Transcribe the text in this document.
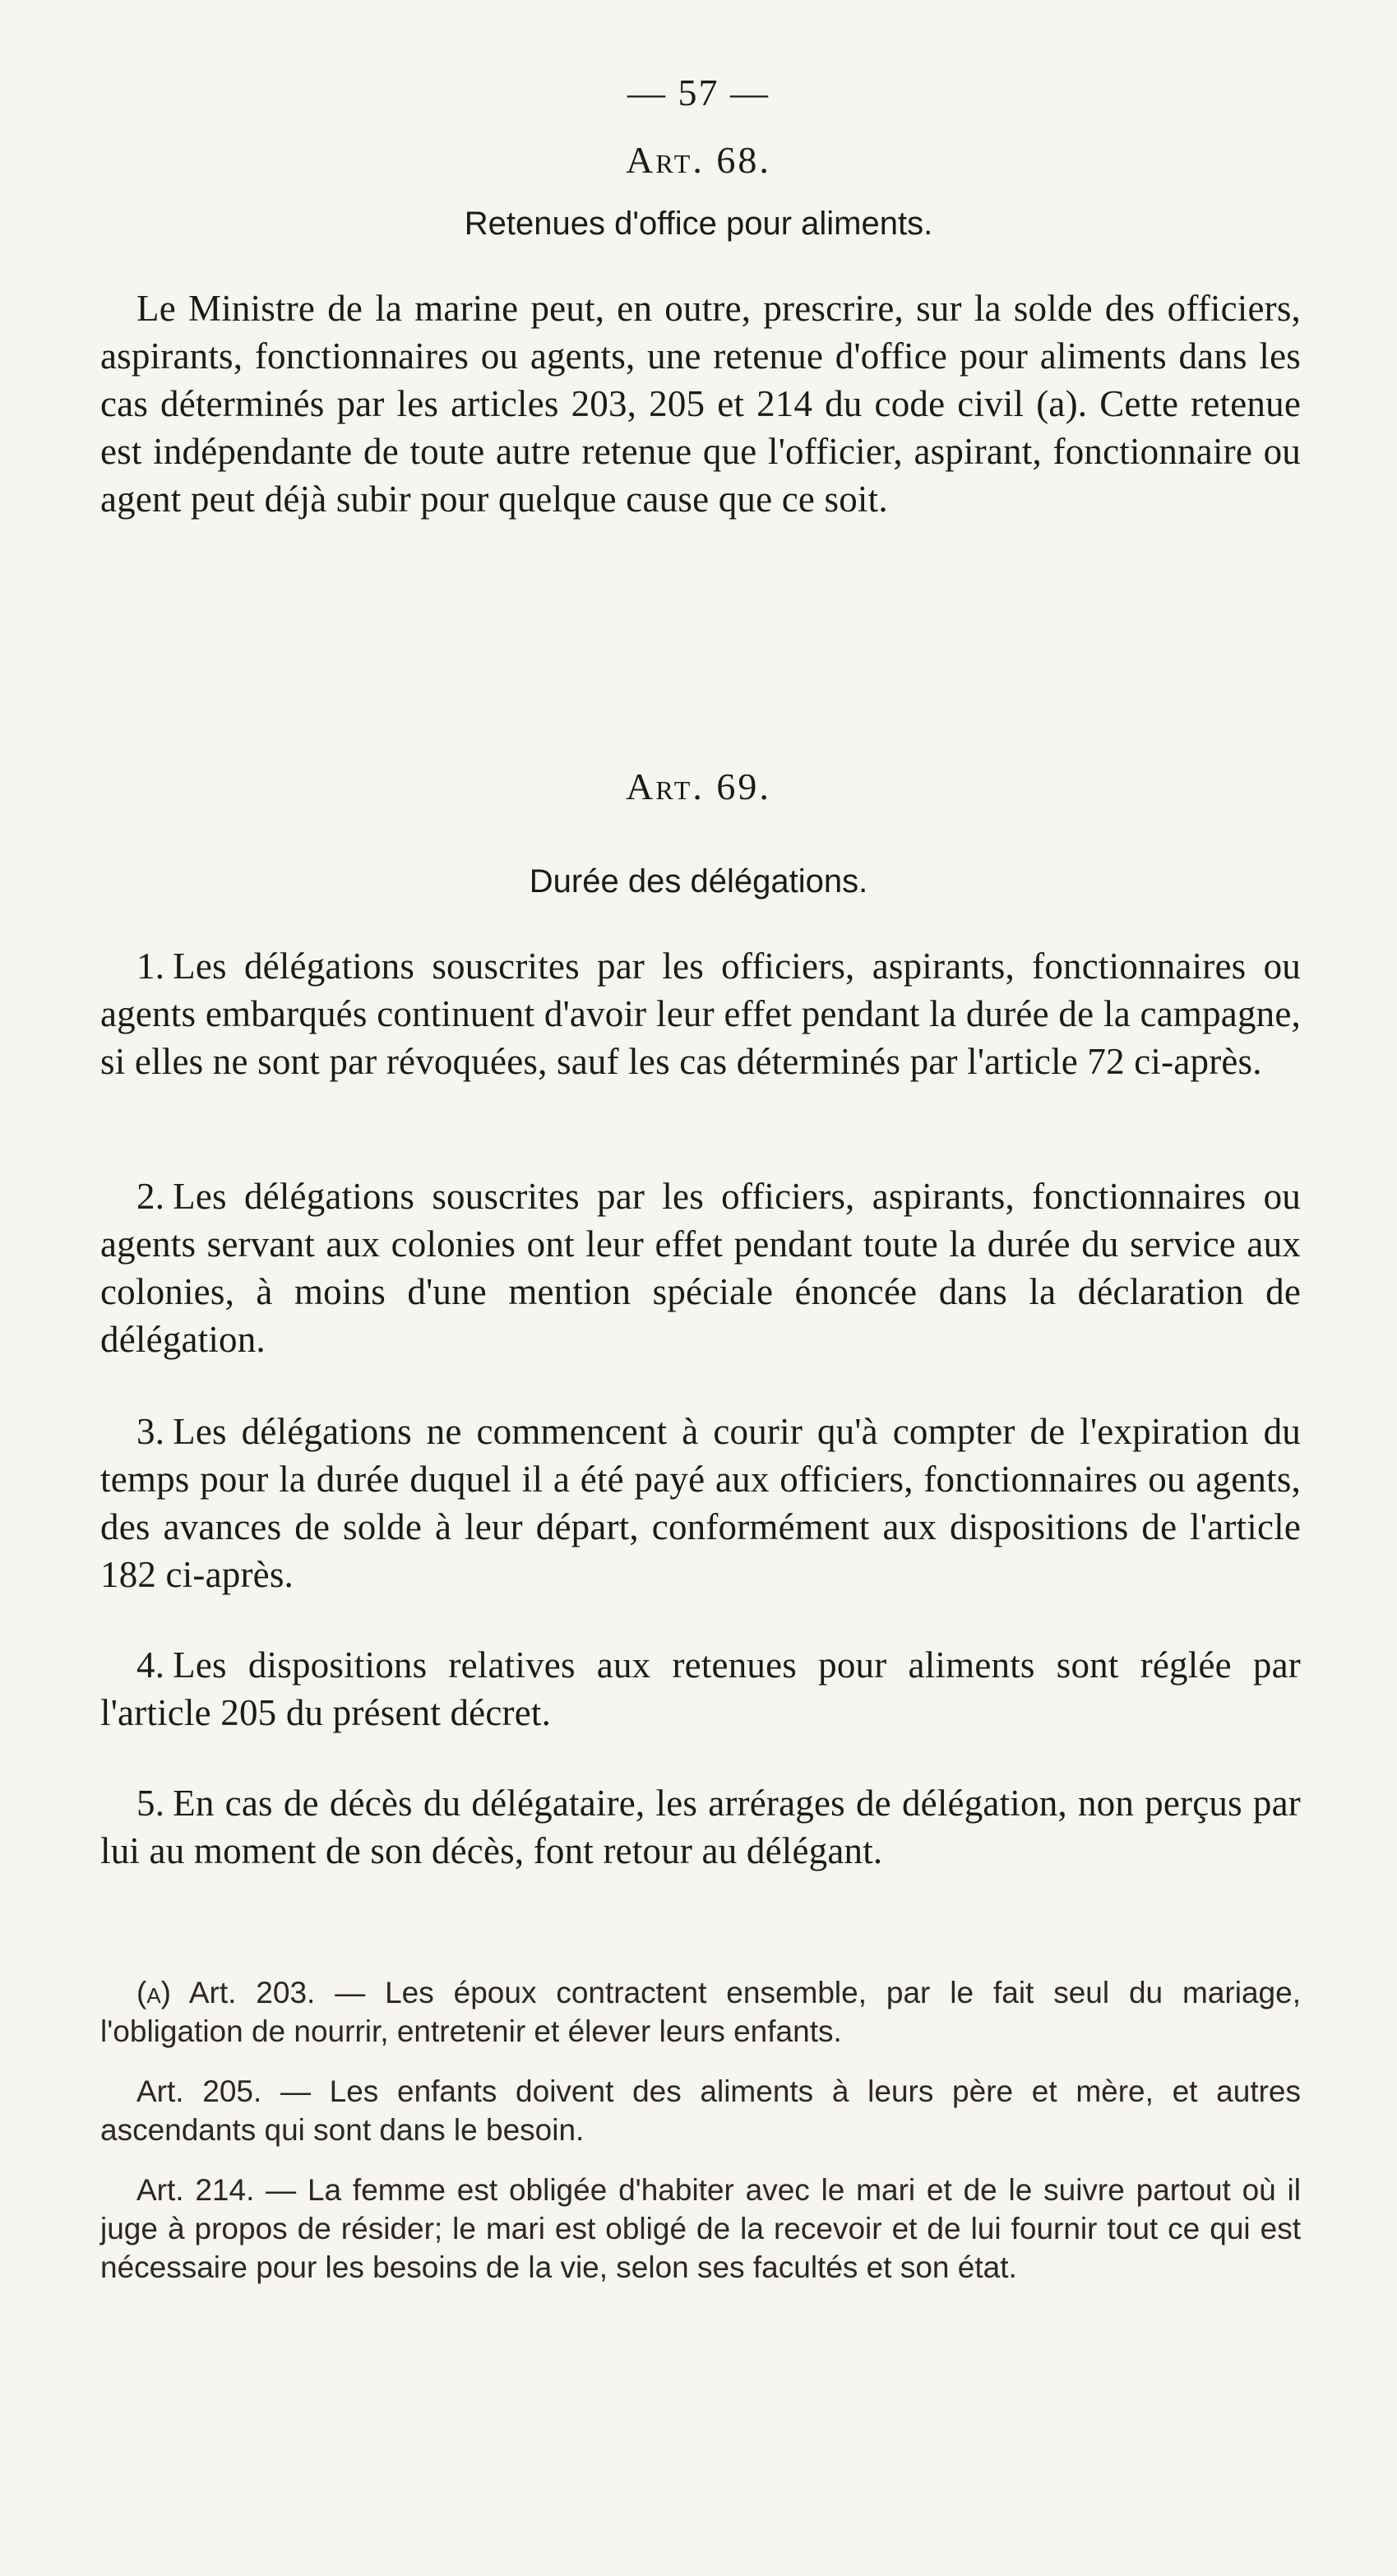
— 57 —
Art. 68.
Retenues d'office pour aliments.

Le Ministre de la marine peut, en outre, prescrire, sur la solde des officiers, aspirants, fonctionnaires ou agents, une retenue d'office pour aliments dans les cas déterminés par les articles 203, 205 et 214 du code civil (a). Cette retenue est indépendante de toute autre retenue que l'officier, aspirant, fonctionnaire ou agent peut déjà subir pour quelque cause que ce soit.

Art. 69.
Durée des délégations.

1. Les délégations souscrites par les officiers, aspirants, fonctionnaires ou agents embarqués continuent d'avoir leur effet pendant la durée de la campagne, si elles ne sont par révoquées, sauf les cas déterminés par l'article 72 ci-après.

2. Les délégations souscrites par les officiers, aspirants, fonctionnaires ou agents servant aux colonies ont leur effet pendant toute la durée du service aux colonies, à moins d'une mention spéciale énoncée dans la déclaration de délégation.

3. Les délégations ne commencent à courir qu'à compter de l'expiration du temps pour la durée duquel il a été payé aux officiers, fonctionnaires ou agents, des avances de solde à leur départ, conformément aux dispositions de l'article 182 ci-après.

4. Les dispositions relatives aux retenues pour aliments sont réglée par l'article 205 du présent décret.

5. En cas de décès du délégataire, les arrérages de délégation, non perçus par lui au moment de son décès, font retour au délégant.

(a) Art. 203. — Les époux contractent ensemble, par le fait seul du mariage, l'obligation de nourrir, entretenir et élever leurs enfants.

Art. 205. — Les enfants doivent des aliments à leurs père et mère, et autres ascendants qui sont dans le besoin.

Art. 214. — La femme est obligée d'habiter avec le mari et de le suivre partout où il juge à propos de résider; le mari est obligé de la recevoir et de lui fournir tout ce qui est nécessaire pour les besoins de la vie, selon ses facultés et son état.
